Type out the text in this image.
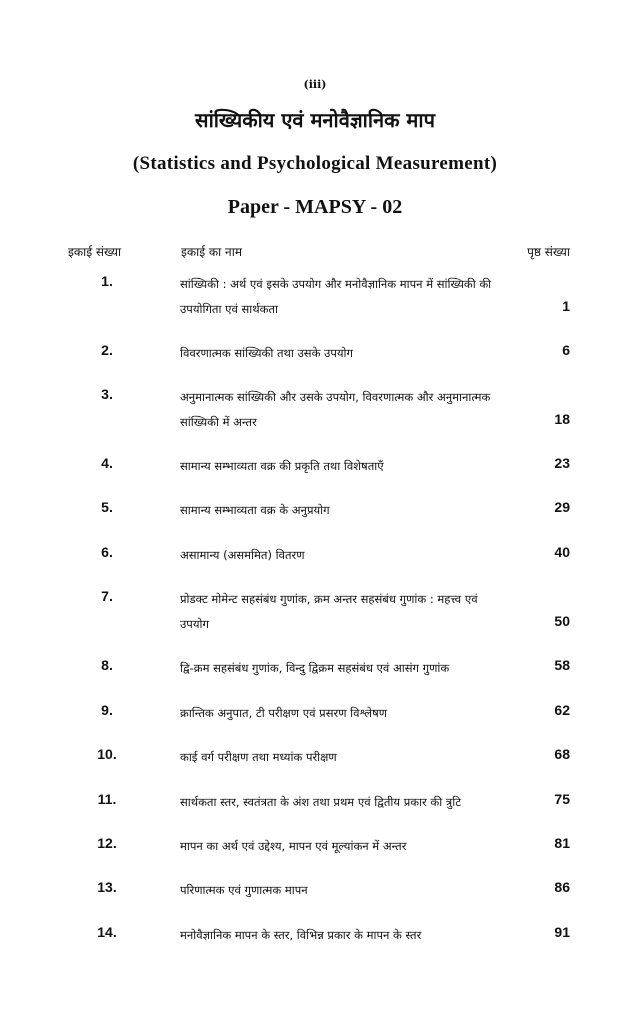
(iii)
सांख्यिकीय एवं मनोवैज्ञानिक माप
(Statistics and Psychological Measurement)
Paper - MAPSY - 02
इकाई संख्या	इकाई का नाम	पृष्ठ संख्या
1.	सांख्यिकी : अर्थ एवं इसके उपयोग और मनोवैज्ञानिक मापन में सांख्यिकी की
उपयोगिता एवं सार्थकता	1
2.	विवरणात्मक सांख्यिकी तथा उसके उपयोग	6
3.	अनुमानात्मक सांख्यिकी और उसके उपयोग, विवरणात्मक और अनुमानात्मक
सांख्यिकी में अन्तर	18
4.	सामान्य सम्भाव्यता वक्र की प्रकृति तथा विशेषताएँ	23
5.	सामान्य सम्भाव्यता वक्र के अनुप्रयोग	29
6.	असामान्य (असममित) वितरण	40
7.	प्रोडक्ट मोमेन्ट सहसंबंध गुणांक, क्रम अन्तर सहसंबंध गुणांक : महत्त्व एवं
उपयोग	50
8.	द्वि-क्रम सहसंबंध गुणांक, विन्दु द्विक्रम सहसंबंध एवं आसंग गुणांक	58
9.	क्रान्तिक अनुपात, टी परीक्षण एवं प्रसरण विश्लेषण	62
10.	काई वर्ग परीक्षण तथा मध्यांक परीक्षण	68
11.	सार्थकता स्तर, स्वतंत्रता के अंश तथा प्रथम एवं द्वितीय प्रकार की त्रुटि	75
12.	मापन का अर्थ एवं उद्देश्य, मापन एवं मूल्यांकन में अन्तर	81
13.	परिणात्मक एवं गुणात्मक मापन	86
14.	मनोवैज्ञानिक मापन के स्तर, विभिन्न प्रकार के मापन के स्तर	91
